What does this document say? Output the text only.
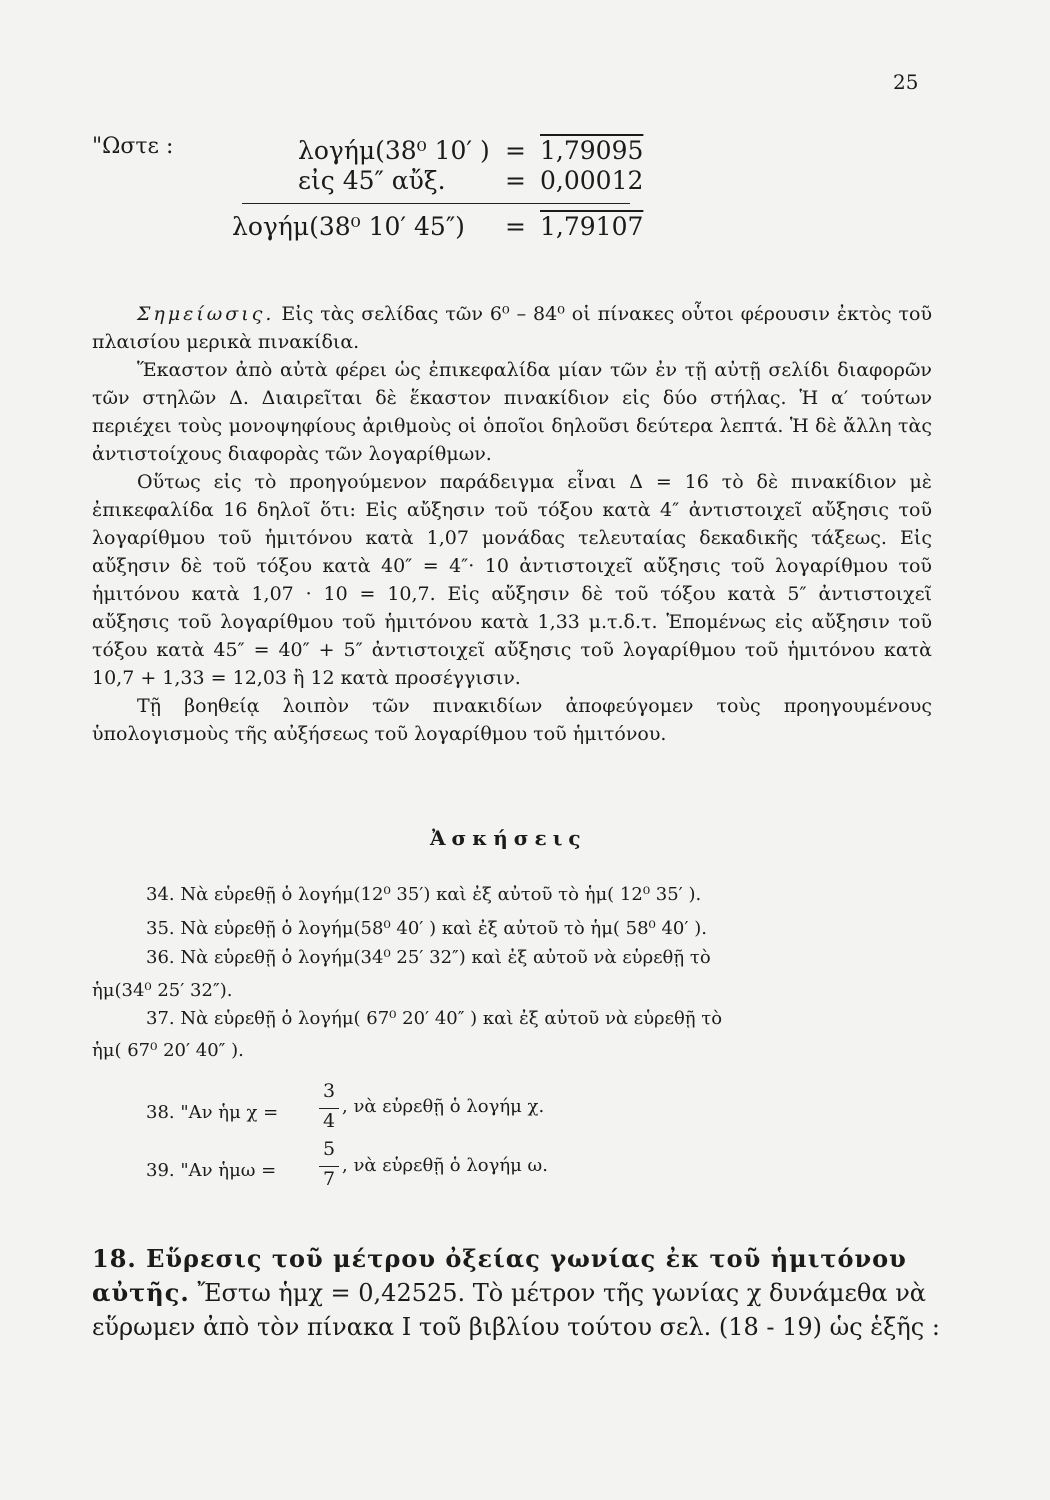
25
"Ωστε :	λογήμ(38⁰ 10′ ) = 1,79095
εἰς 45″ αὔξ. = 0,00012
λογήμ(38⁰ 10′ 45″) = 1,79107

Σημείωσις. Εἰς τὰς σελίδας τῶν 6⁰ – 84⁰ οἱ πίνακες οὗτοι φέρουσιν ἐκτὸς τοῦ πλαισίου μερικὰ πινακίδια.

Ἕκαστον ἀπὸ αὐτὰ φέρει ὡς ἐπικεφαλίδα μίαν τῶν ἐν τῇ αὐτῇ σελίδι διαφορῶν τῶν στηλῶν Δ. Διαιρεῖται δὲ ἕκαστον πινακίδιον εἰς δύο στήλας. Ἡ α′ τούτων περιέχει τοὺς μονοψηφίους ἀριθμοὺς οἱ ὁποῖοι δηλοῦσι δεύτερα λεπτά. Ἡ δὲ ἄλλη τὰς ἀντιστοίχους διαφορὰς τῶν λογαρίθμων.

Οὕτως εἰς τὸ προηγούμενον παράδειγμα εἶναι Δ = 16 τὸ δὲ πινακίδιον μὲ ἐπικεφαλίδα 16 δηλοῖ ὅτι: Εἰς αὔξησιν τοῦ τόξου κατὰ 4″ ἀντιστοιχεῖ αὔξησις τοῦ λογαρίθμου τοῦ ἡμιτόνου κατὰ 1,07 μονάδας τελευταίας δεκαδικῆς τάξεως. Εἰς αὔξησιν δὲ τοῦ τόξου κατὰ 40″ = 4″· 10 ἀντιστοιχεῖ αὔξησις τοῦ λογαρίθμου τοῦ ἡμιτόνου κατὰ 1,07 · 10 = 10,7. Εἰς αὔξησιν δὲ τοῦ τόξου κατὰ 5″ ἀντιστοιχεῖ αὔξησις τοῦ λογαρίθμου τοῦ ἡμιτόνου κατὰ 1,33 μ.τ.δ.τ. Ἑπομένως εἰς αὔξησιν τοῦ τόξου κατὰ 45″ = 40″ + 5″ ἀντιστοιχεῖ αὔξησις τοῦ λογαρίθμου τοῦ ἡμιτόνου κατὰ 10,7 + 1,33 = 12,03 ἢ 12 κατὰ προσέγγισιν.

Τῇ βοηθείᾳ λοιπὸν τῶν πινακιδίων ἀποφεύγομεν τοὺς προηγουμένους ὑπολογισμοὺς τῆς αὐξήσεως τοῦ λογαρίθμου τοῦ ἡμιτόνου.

Ἀσκήσεις
34. Νὰ εὑρεθῇ ὁ λογήμ(12⁰ 35′) καὶ ἐξ αὐτοῦ τὸ ἡμ( 12⁰ 35′ ).
35. Νὰ εὑρεθῇ ὁ λογήμ(58⁰ 40′ ) καὶ ἐξ αὐτοῦ τὸ ἡμ( 58⁰ 40′ ).
36. Νὰ εὑρεθῇ ὁ λογήμ(34⁰ 25′ 32″) καὶ ἐξ αὐτοῦ νὰ εὑρεθῇ τὸ
ἡμ(34⁰ 25′ 32″).
37. Νὰ εὑρεθῇ ὁ λογήμ( 67⁰ 20′ 40″ ) καὶ ἐξ αὐτοῦ νὰ εὑρεθῇ τὸ
ἡμ( 67⁰ 20′ 40″ ).
38. "Αν ἡμ χ =
3
4
, νὰ εὑρεθῇ ὁ λογήμ χ.
39. "Αν ἡμω =
5
7
, νὰ εὑρεθῇ ὁ λογήμ ω.
18. Εὕρεσις τοῦ μέτρου ὀξείας γωνίας ἐκ τοῦ ἡμιτόνου αὐτῆς. Ἔστω ἡμχ = 0,42525. Τὸ μέτρον τῆς γωνίας χ δυνάμεθα νὰ εὕρωμεν ἀπὸ τὸν πίνακα I τοῦ βιβλίου τούτου σελ. (18 - 19) ὡς ἑξῆς :
